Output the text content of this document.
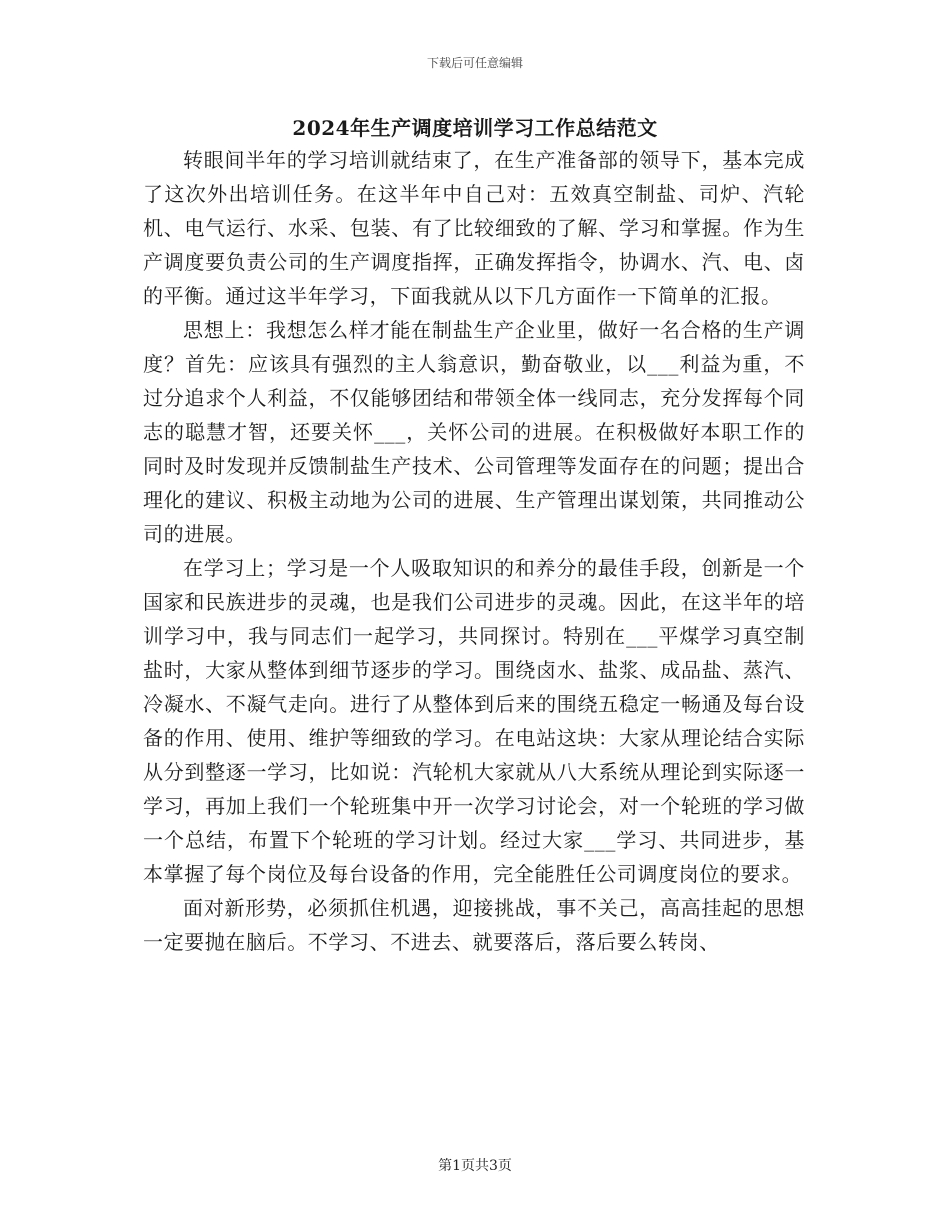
下载后可任意编辑
2024年生产调度培训学习工作总结范文

转眼间半年的学习培训就结束了，在生产准备部的领导下，基本完成了这次外出培训任务。在这半年中自己对：五效真空制盐、司炉、汽轮机、电气运行、水采、包装、有了比较细致的了解、学习和掌握。作为生产调度要负责公司的生产调度指挥，正确发挥指令，协调水、汽、电、卤的平衡。通过这半年学习，下面我就从以下几方面作一下简单的汇报。

思想上：我想怎么样才能在制盐生产企业里，做好一名合格的生产调度？首先：应该具有强烈的主人翁意识，勤奋敬业，以___利益为重，不过分追求个人利益，不仅能够团结和带领全体一线同志，充分发挥每个同志的聪慧才智，还要关怀___，关怀公司的进展。在积极做好本职工作的同时及时发现并反馈制盐生产技术、公司管理等发面存在的问题；提出合理化的建议、积极主动地为公司的进展、生产管理出谋划策，共同推动公司的进展。

在学习上；学习是一个人吸取知识的和养分的最佳手段，创新是一个国家和民族进步的灵魂，也是我们公司进步的灵魂。因此，在这半年的培训学习中，我与同志们一起学习，共同探讨。特别在___平煤学习真空制盐时，大家从整体到细节逐步的学习。围绕卤水、盐浆、成品盐、蒸汽、冷凝水、不凝气走向。进行了从整体到后来的围绕五稳定一畅通及每台设备的作用、使用、维护等细致的学习。在电站这块：大家从理论结合实际从分到整逐一学习，比如说：汽轮机大家就从八大系统从理论到实际逐一学习，再加上我们一个轮班集中开一次学习讨论会，对一个轮班的学习做一个总结，布置下个轮班的学习计划。经过大家___学习、共同进步，基本掌握了每个岗位及每台设备的作用，完全能胜任公司调度岗位的要求。

面对新形势，必须抓住机遇，迎接挑战，事不关己，高高挂起的思想一定要抛在脑后。不学习、不进去、就要落后，落后要么转岗、

第1页共3页
